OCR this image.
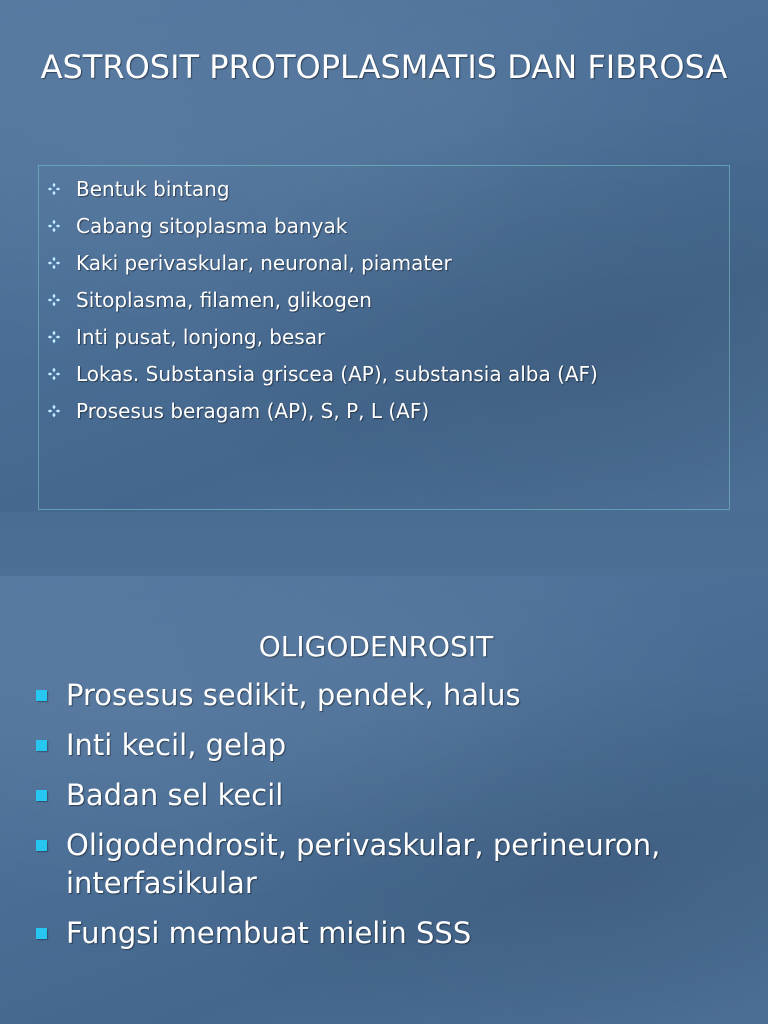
ASTROSIT PROTOPLASMATIS DAN FIBROSA
Bentuk bintang
Cabang sitoplasma banyak
Kaki perivaskular, neuronal, piamater
Sitoplasma, filamen, glikogen
Inti pusat, lonjong, besar
Lokas. Substansia griscea (AP), substansia alba (AF)
Prosesus beragam (AP), S, P, L (AF)
OLIGODENROSIT
Prosesus sedikit, pendek, halus
Inti kecil, gelap
Badan sel kecil
Oligodendrosit, perivaskular, perineuron, interfasikular
Fungsi membuat mielin SSS
